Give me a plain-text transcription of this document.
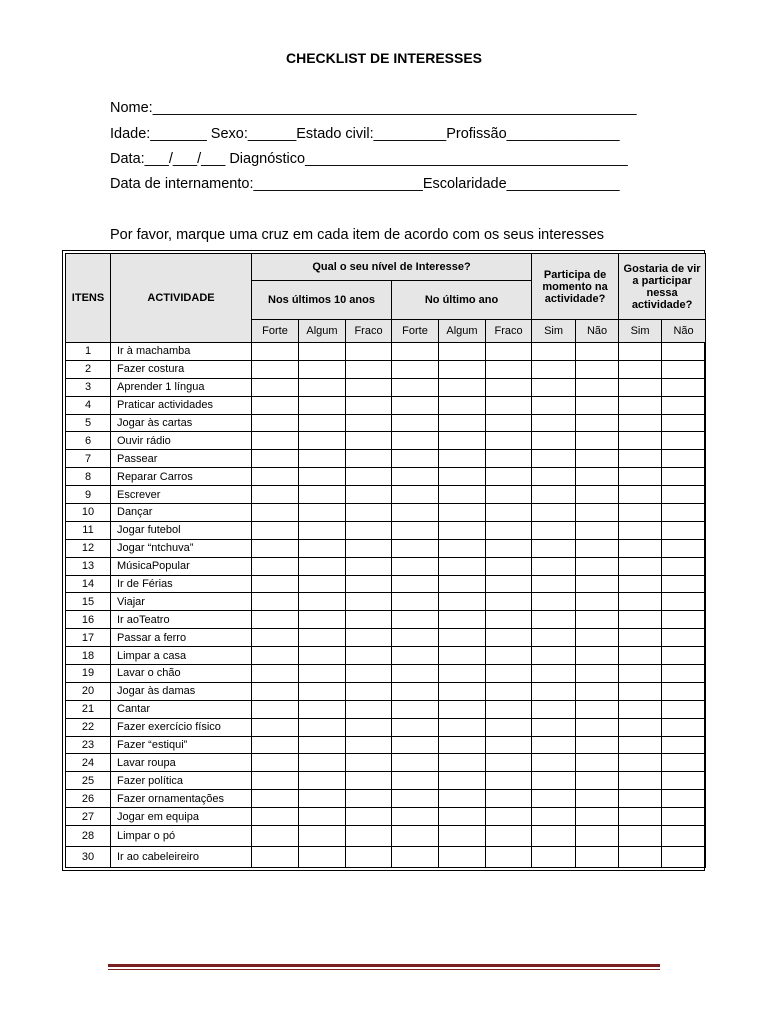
CHECKLIST DE INTERESSES
Nome:____________________________________________________________
Idade:_______ Sexo:______Estado civil:_________Profissão______________
Data:___/___/___ Diagnóstico________________________________________
Data de internamento:_____________________Escolaridade______________
Por favor, marque uma cruz em cada item de acordo com os seus interesses
ITENS	ACTIVIDADE	Qual o seu nível de Interesse?						Participa de momento na actividade?		Gostaria de vir a participar nessa actividade?	
		Nos últimos 10 anos			No último ano						
		Forte	Algum	Fraco	Forte	Algum	Fraco	Sim	Não	Sim	Não
1	Ir à machamba										
2	Fazer costura										
3	Aprender 1 língua										
4	Praticar actividades										
5	Jogar às cartas										
6	Ouvir rádio										
7	Passear										
8	Reparar Carros										
9	Escrever										
10	Dançar										
11	Jogar futebol										
12	Jogar “ntchuva”										
13	MúsicaPopular										
14	Ir de Férias										
15	Viajar										
16	Ir aoTeatro										
17	Passar a ferro										
18	Limpar a casa										
19	Lavar o chão										
20	Jogar às damas										
21	Cantar										
22	Fazer exercício físico										
23	Fazer “estiqui”										
24	Lavar roupa										
25	Fazer política										
26	Fazer ornamentações										
27	Jogar em equipa										
28	Limpar o pó										
30	Ir ao cabeleireiro										
